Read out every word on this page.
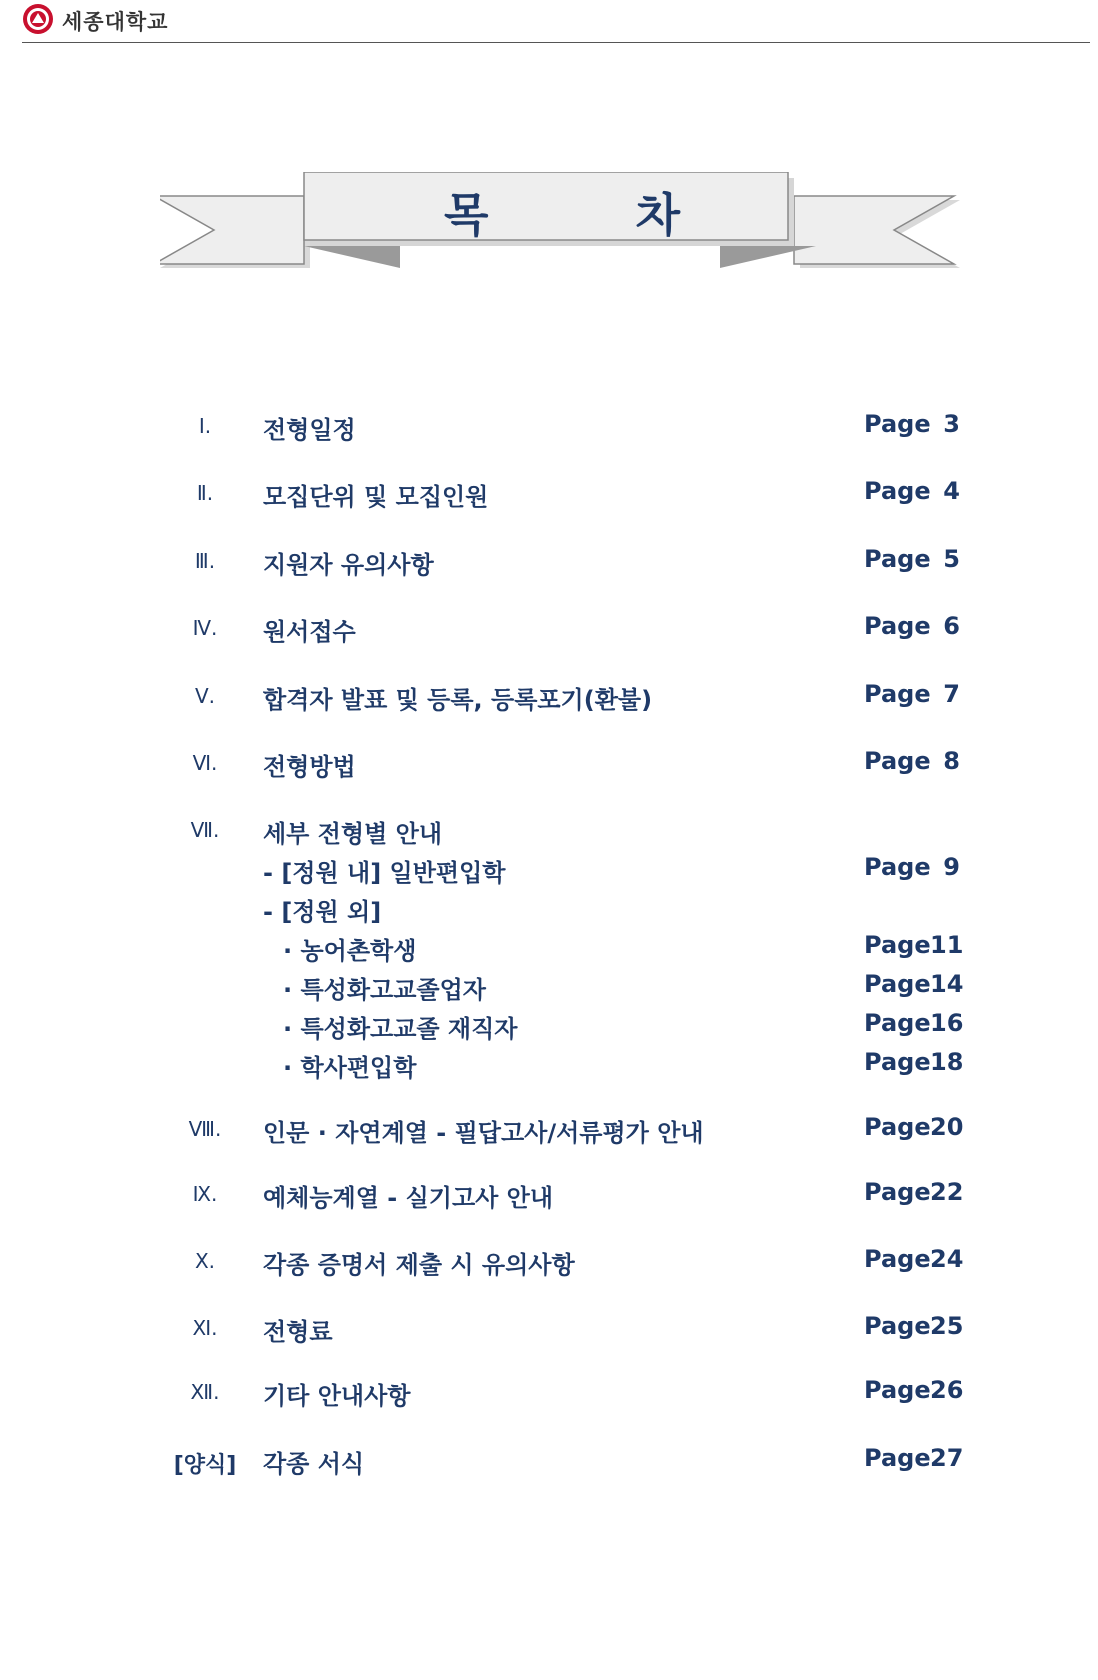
세종대학교
목	차
Ⅰ.	전형일정	Page 3
Ⅱ.	모집단위 및 모집인원	Page 4
Ⅲ.	지원자 유의사항	Page 5
Ⅳ.	원서접수	Page 6
Ⅴ.	합격자 발표 및 등록, 등록포기(환불)	Page 7
Ⅵ.	전형방법	Page 8
Ⅶ.	세부 전형별 안내
- [정원 내] 일반편입학	Page 9
- [정원 외]
· 농어촌학생	Page 11
· 특성화고교졸업자	Page 14
· 특성화고교졸 재직자	Page 16
· 학사편입학	Page 18
Ⅷ.	인문 · 자연계열 - 필답고사/서류평가 안내	Page 20
Ⅸ.	예체능계열 - 실기고사 안내	Page 22
Ⅹ.	각종 증명서 제출 시 유의사항	Page 24
Ⅺ.	전형료	Page 25
Ⅻ.	기타 안내사항	Page 26
[양식]	각종 서식	Page 27
